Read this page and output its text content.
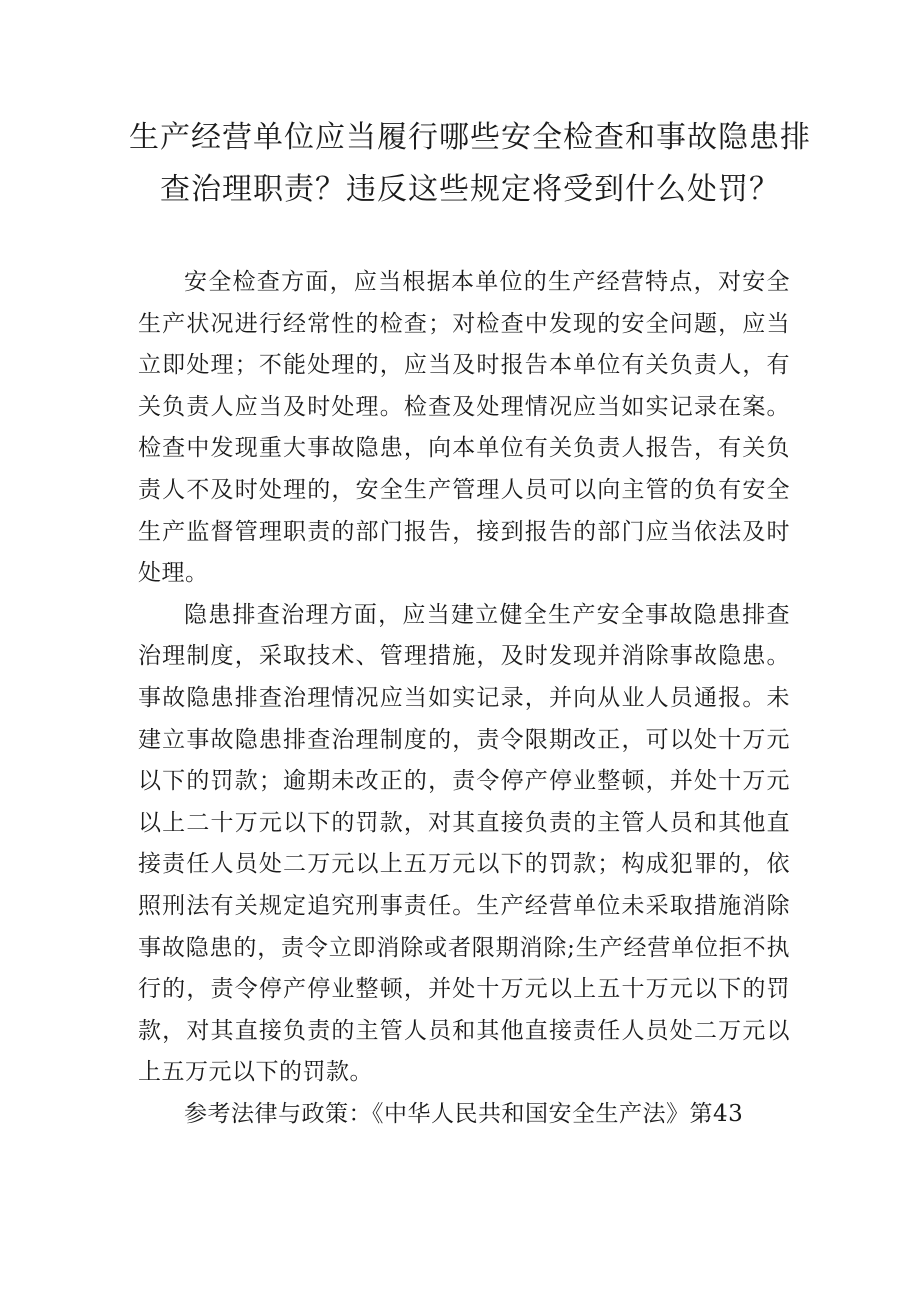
生产经营单位应当履行哪些安全检查和事故隐患排查治理职责？违反这些规定将受到什么处罚？

安全检查方面，应当根据本单位的生产经营特点，对安全生产状况进行经常性的检查；对检查中发现的安全问题，应当立即处理；不能处理的，应当及时报告本单位有关负责人，有关负责人应当及时处理。检查及处理情况应当如实记录在案。检查中发现重大事故隐患，向本单位有关负责人报告，有关负责人不及时处理的，安全生产管理人员可以向主管的负有安全生产监督管理职责的部门报告，接到报告的部门应当依法及时处理。

隐患排查治理方面，应当建立健全生产安全事故隐患排查治理制度，采取技术、管理措施，及时发现并消除事故隐患。事故隐患排查治理情况应当如实记录，并向从业人员通报。未建立事故隐患排查治理制度的，责令限期改正，可以处十万元以下的罚款；逾期未改正的，责令停产停业整顿，并处十万元以上二十万元以下的罚款，对其直接负责的主管人员和其他直接责任人员处二万元以上五万元以下的罚款；构成犯罪的，依照刑法有关规定追究刑事责任。生产经营单位未采取措施消除事故隐患的，责令立即消除或者限期消除;生产经营单位拒不执行的，责令停产停业整顿，并处十万元以上五十万元以下的罚款，对其直接负责的主管人员和其他直接责任人员处二万元以上五万元以下的罚款。

参考法律与政策：《中华人民共和国安全生产法》第43
